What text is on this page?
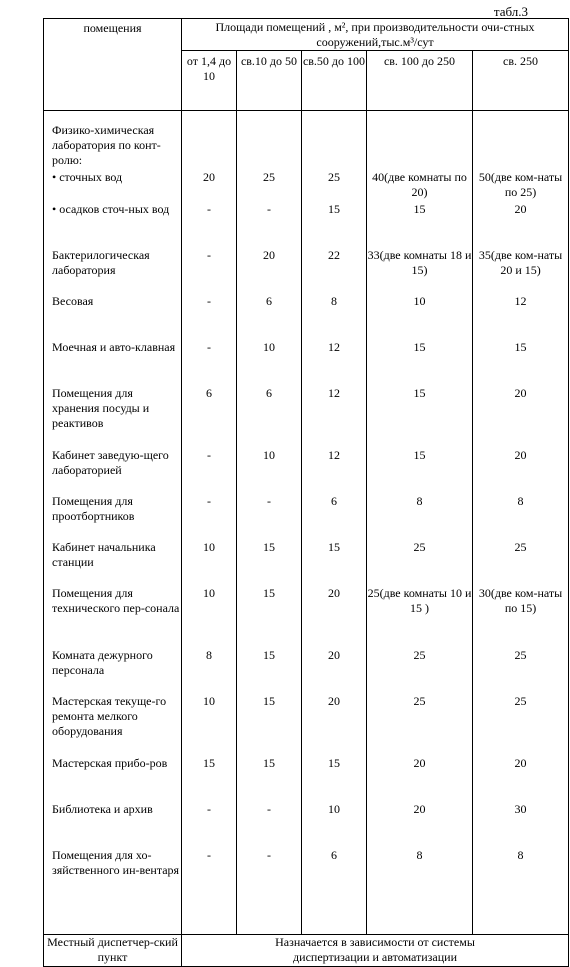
табл.3
помещения	Площади помещений , м², при производительности очи-стных сооружений,тыс.м³/сут				
	от 1,4 до 10	св.10 до 50	св.50 до 100	св. 100 до 250	св. 250
Физико-химическая лаборатория по конт-ролю:					
• сточных вод	20	25	25	40(две комнаты по 20)	50(две ком-наты по 25)
• осадков сточ-ных вод	-	-	15	15	20
Бактерилогическая лаборатория	-	20	22	33(две комнаты 18 и 15)	35(две ком-наты 20 и 15)
Весовая	-	6	8	10	12
Моечная и авто-клавная	-	10	12	15	15
Помещения для хранения посуды и реактивов	6	6	12	15	20
Кабинет заведую-щего лабораторией	-	10	12	15	20
Помещения для проотбортников	-	-	6	8	8
Кабинет начальника станции	10	15	15	25	25
Помещения для технического пер-сонала	10	15	20	25(две комнаты 10 и 15 )	30(две ком-наты по 15)
Комната дежурного персонала	8	15	20	25	25
Мастерская текуще-го ремонта мелкого оборудования	10	15	20	25	25
Мастерская прибо-ров	15	15	15	20	20
Библиотека и архив	-	-	10	20	30
Помещения для хо-зяйственного ин-вентаря	-	-	6	8	8
Местный диспетчер-ский пункт	Назначается в зависимости от системы диспертизации и автоматизации				
